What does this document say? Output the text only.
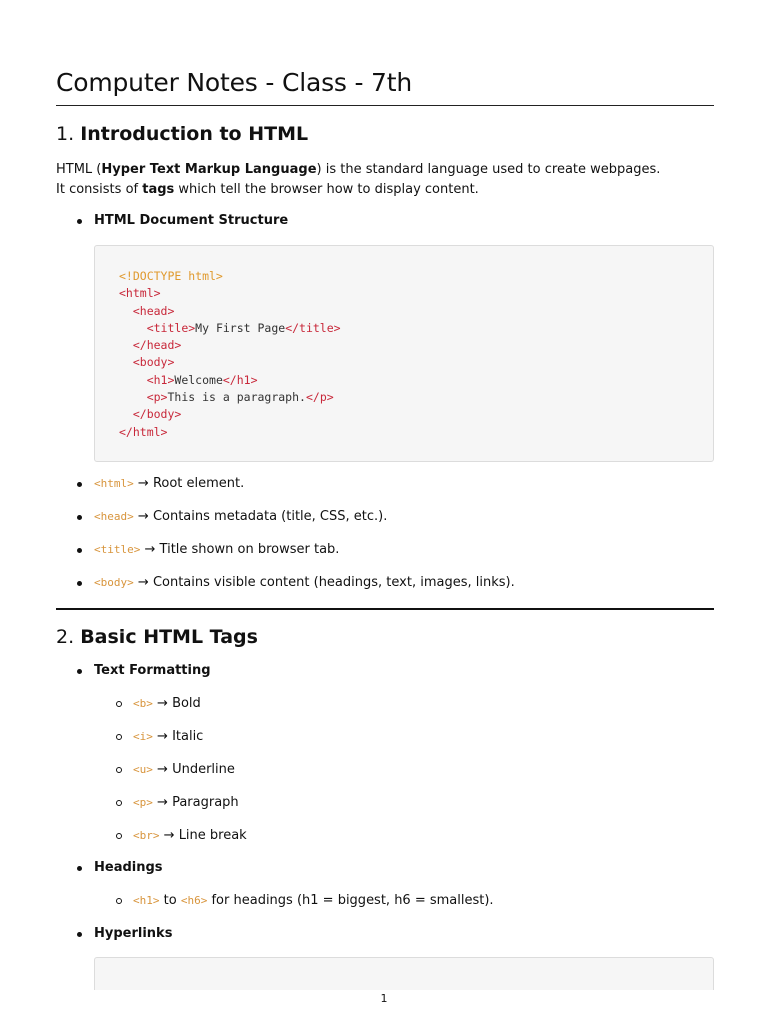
Computer Notes - Class - 7th
1. Introduction to HTML
HTML (Hyper Text Markup Language) is the standard language used to create webpages.
It consists of tags which tell the browser how to display content.
HTML Document Structure
<!DOCTYPE html>
<html>
<head>
<title>My First Page</title>
</head>
<body>
<h1>Welcome</h1>
<p>This is a paragraph.</p>
</body>
</html>
<html> → Root element.
<head> → Contains metadata (title, CSS, etc.).
<title> → Title shown on browser tab.
<body> → Contains visible content (headings, text, images, links).
2. Basic HTML Tags
Text Formatting
<b> → Bold
<i> → Italic
<u> → Underline
<p> → Paragraph
<br> → Line break
Headings
<h1> to <h6> for headings (h1 = biggest, h6 = smallest).
Hyperlinks
1
